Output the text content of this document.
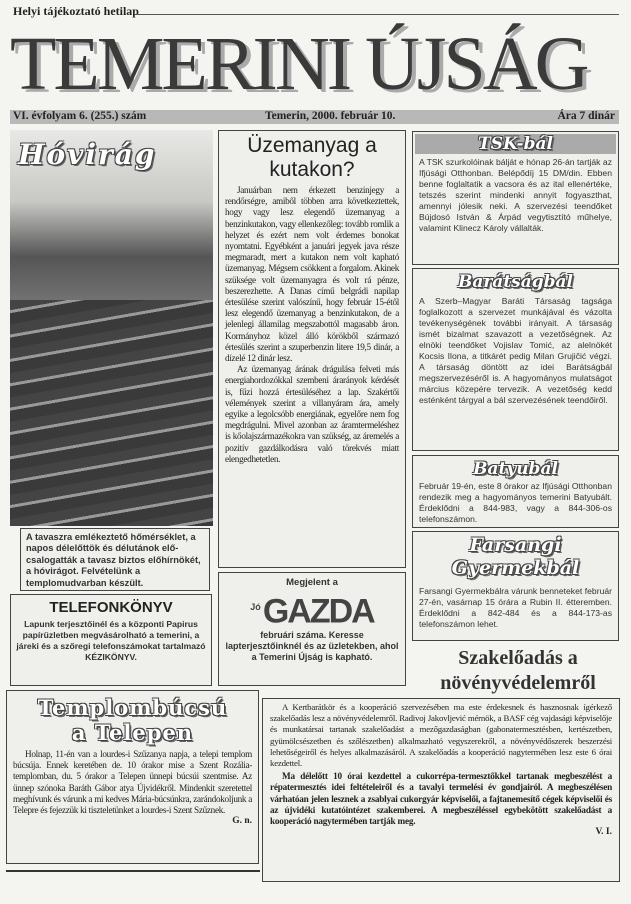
Helyi tájékoztató hetilap
TEMERINI ÚJSÁG
VI. évfolyam 6. (255.) szám	Temerin, 2000. február 10.	Ára 7 dinár
Hóvirág
A tavaszra emlékeztető hőmérséklet, a napos délelőttök és délutánok előcsalogatták a tavasz biztos előhírnökét, a hóvirágot. Felvételünk a templomudvarban készült.
TELEFONKÖNYV
Lapunk terjesztőinél és a központi Papirus papírüzletben megvásárolható a temerini, a járeki és a szőregi telefonszámokat tartalmazó KÉZIKÖNYV.
Templombúcsú a Telepen

Holnap, 11-én van a lourdes-i Szűzanya napja, a telepi templom búcsúja. Ennek keretében de. 10 órakor mise a Szent Rozália-templomban, du. 5 órakor a Telepen ünnepi búcsúi szentmise. Az ünnep szónoka Baráth Gábor atya Újvidékről. Mindenkit szeretettel meghívunk és várunk a mi kedves Mária-búcsúnkra, zarándokoljunk a Telepre és fejezzük ki tiszteletünket a lourdes-i Szent Szűznek.

G. n.
Üzemanyag a kutakon?

Januárban nem érkezett benzinjegy a rendőrségre, amiből többen arra következtettek, hogy vagy lesz elegendő üzemanyag a benzinkutakon, vagy ellenkezőleg: tovább romlik a helyzet és ezért nem volt érdemes bonokat nyomtatni. Egyébként a januári jegyek java része megmaradt, mert a kutakon nem volt kapható üzemanyag. Mégsem csökkent a forgalom. Akinek szüksége volt üzemanyagra és volt rá pénze, beszerezhette. A Danas című belgrádi napilap értesülése szerint valószínű, hogy február 15-étől lesz elegendő üzemanyag a benzinkutakon, de a jelenlegi államilag megszabottól magasabb áron. Kormányhoz közel álló körökből származó értesülés szerint a szuperbenzin litere 19,5 dinár, a dízelé 12 dinár lesz.

Az üzemanyag árának drágulása felveti más energiahordozókkal szembeni árarányok kérdését is, fűzi hozzá értesüléséhez a lap. Szakértői vélemények szerint a villanyáram ára, amely egyike a legolcsóbb energiának, egyelőre nem fog megdrágulni. Mivel azonban az áramtermeléshez is kőolajszármazékokra van szükség, az áremelés a pozitív gazdálkodásra való törekvés miatt elengedhetetlen.

Megjelent a
$^{Jó}$GAZDA
februári száma. Keresse lapterjesztőinknél és az üzletekben, ahol a Temerini Újság is kapható.
TSK-bál
A TSK szurkolóinak bálját e hónap 26-án tartják az Ifjúsági Otthonban. Belépődíj 15 DM/din. Ebben benne foglaltatik a vacsora és az ital ellenértéke, tetszés szerint mindenki annyit fogyaszthat, amennyi jólesik neki. A szervezési teendőket Bújdosó István & Árpád vegytisztító műhelye, valamint Klinecz Károly vállalták.
Barátságbál
A Szerb–Magyar Baráti Társaság tagsága foglalkozott a szervezet munkájával és vázolta tevékenységének további irányait. A társaság ismét bizalmat szavazott a vezetőségnek. Az elnöki teendőket Vojislav Tomić, az alelnökét Kocsis Ilona, a titkárét pedig Milan Grujičić végzi. A társaság döntött az idei Barátságbál megszervezéséről is. A hagyományos mulatságot március közepére tervezik. A vezetőség kedd esténként tárgyal a bál szervezésének teendőiről.
Batyubál
Február 19-én, este 8 órakor az Ifjúsági Otthonban rendezik meg a hagyományos temerini Batyubált. Érdeklődni a 844-983, vagy a 844-306-os telefonszámon.
Farsangi
Gyermekbál
Farsangi Gyermekbálra várunk benneteket február 27-én, vasárnap 15 órára a Rubin II. étteremben. Érdeklődni a 842-484 és a 844-173-as telefonszámon lehet.
Szakelőadás a növényvédelemről

A Kertbarátkör és a kooperáció szervezésében ma este érdekesnek és hasznosnak ígérkező szakelőadás lesz a növényvédelemről. Radivoj Jakovljević mérnök, a BASF cég vajdasági képviselője és munkatársai tartanak szakelőadást a mezőgazdaságban (gabonatermesztésben, kertészetben, gyümölcsészetben és szőlészetben) alkalmazható vegyszerekről, a növényvédőszerek beszerzési lehetőségeiről és helyes alkalmazásáról. A szakelőadás a kooperáció nagytermében lesz este 6 órai kezdettel.

Ma délelőtt 10 órai kezdettel a cukorrépa-termesztőkkel tartanak megbeszélést a répatermesztés idei feltételeiről és a tavalyi termelési év gondjairól. A megbeszélésen várhatóan jelen lesznek a zsablyai cukorgyár képviselői, a fajtanemesítő cégek képviselői és az újvidéki kutatóintézet szakemberei. A megbeszéléssel egybekötött szakelőadást a kooperáció nagytermében tartják meg.

V. I.
